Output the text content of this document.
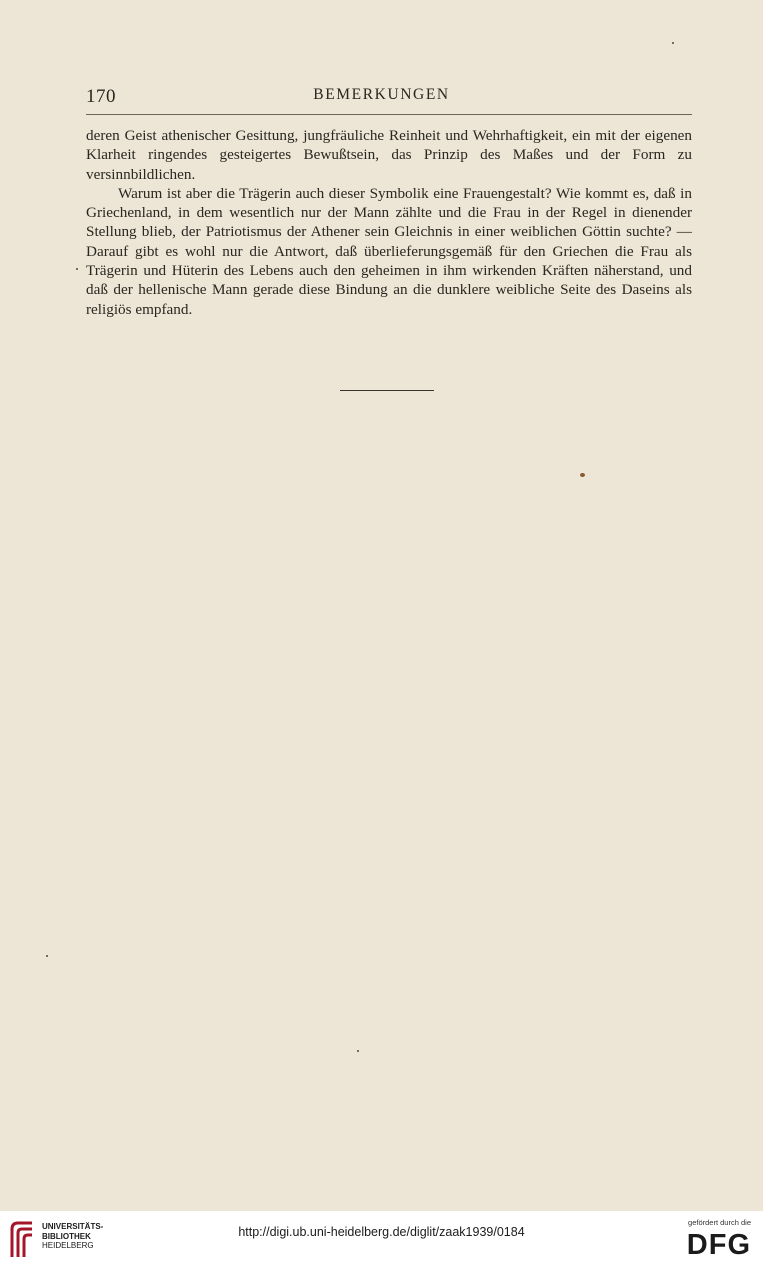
170	BEMERKUNGEN

deren Geist athenischer Gesittung, jungfräuliche Reinheit und Wehrhaftigkeit, ein mit der eigenen Klarheit ringendes gesteigertes Bewußtsein, das Prinzip des Maßes und der Form zu versinnbildlichen.

Warum ist aber die Trägerin auch dieser Symbolik eine Frauengestalt? Wie kommt es, daß in Griechenland, in dem wesentlich nur der Mann zählte und die Frau in der Regel in dienender Stellung blieb, der Patriotismus der Athener sein Gleichnis in einer weiblichen Göttin suchte? — Darauf gibt es wohl nur die Antwort, daß überlieferungsgemäß für den Griechen die Frau als Trägerin und Hüterin des Lebens auch den geheimen in ihm wirkenden Kräften näherstand, und daß der hellenische Mann gerade diese Bindung an die dunklere weibliche Seite des Daseins als religiös empfand.

UNIVERSITÄTS-
BIBLIOTHEK
HEIDELBERG
http://digi.ub.uni-heidelberg.de/diglit/zaak1939/0184
gefördert durch die
DFG
